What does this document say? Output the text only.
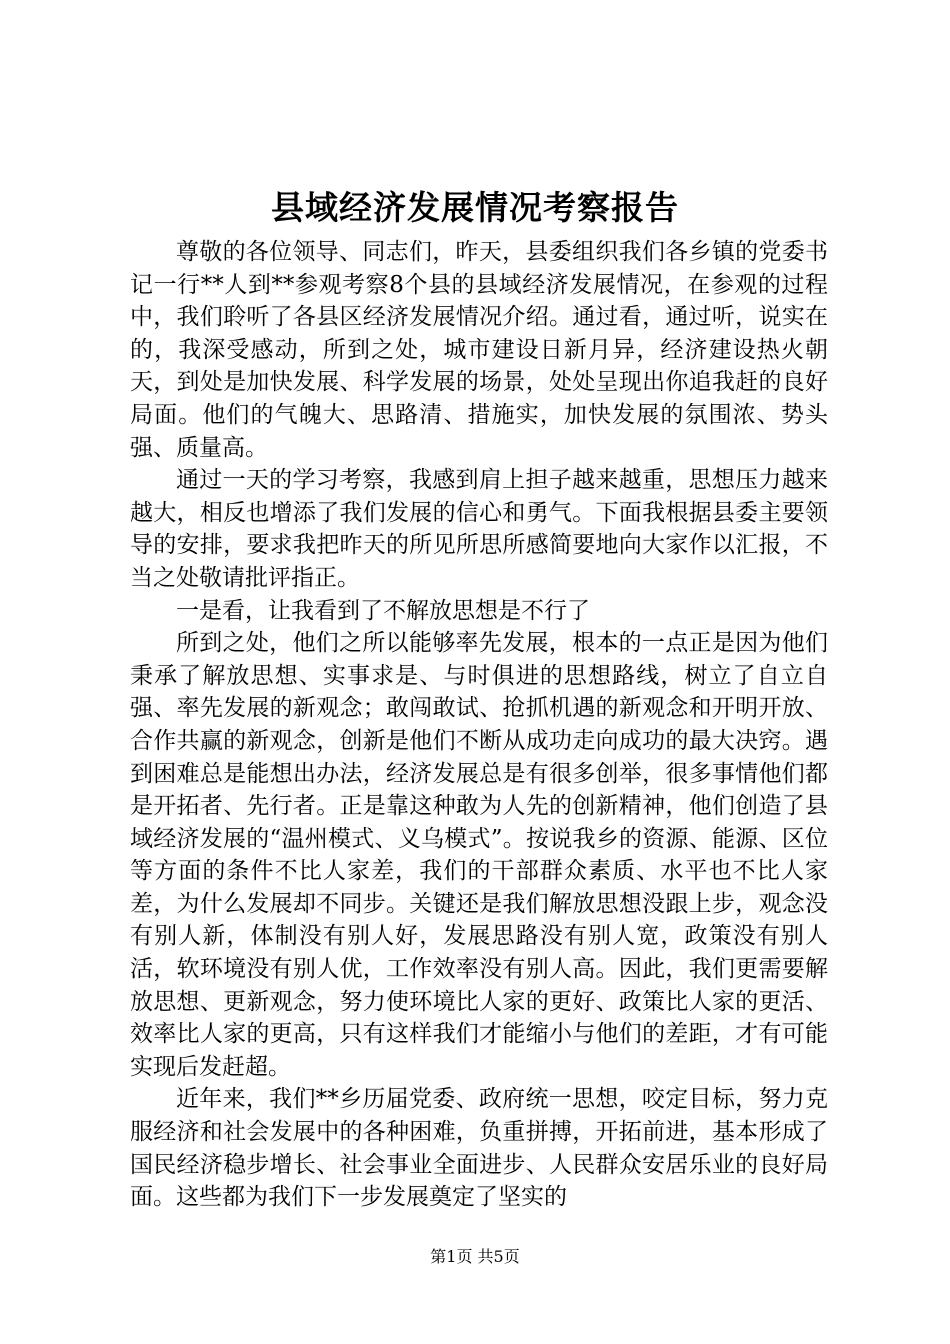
县域经济发展情况考察报告

尊敬的各位领导、同志们，昨天，县委组织我们各乡镇的党委书记一行**人到**参观考察8个县的县域经济发展情况，在参观的过程中，我们聆听了各县区经济发展情况介绍。通过看，通过听，说实在的，我深受感动，所到之处，城市建设日新月异，经济建设热火朝天，到处是加快发展、科学发展的场景，处处呈现出你追我赶的良好局面。他们的气魄大、思路清、措施实，加快发展的氛围浓、势头强、质量高。

通过一天的学习考察，我感到肩上担子越来越重，思想压力越来越大，相反也增添了我们发展的信心和勇气。下面我根据县委主要领导的安排，要求我把昨天的所见所思所感简要地向大家作以汇报，不当之处敬请批评指正。

一是看，让我看到了不解放思想是不行了

所到之处，他们之所以能够率先发展，根本的一点正是因为他们秉承了解放思想、实事求是、与时俱进的思想路线，树立了自立自强、率先发展的新观念；敢闯敢试、抢抓机遇的新观念和开明开放、合作共赢的新观念，创新是他们不断从成功走向成功的最大决窍。遇到困难总是能想出办法，经济发展总是有很多创举，很多事情他们都是开拓者、先行者。正是靠这种敢为人先的创新精神，他们创造了县域经济发展的“温州模式、义乌模式”。按说我乡的资源、能源、区位等方面的条件不比人家差，我们的干部群众素质、水平也不比人家差，为什么发展却不同步。关键还是我们解放思想没跟上步，观念没有别人新，体制没有别人好，发展思路没有别人宽，政策没有别人活，软环境没有别人优，工作效率没有别人高。因此，我们更需要解放思想、更新观念，努力使环境比人家的更好、政策比人家的更活、效率比人家的更高，只有这样我们才能缩小与他们的差距，才有可能实现后发赶超。

近年来，我们**乡历届党委、政府统一思想，咬定目标，努力克服经济和社会发展中的各种困难，负重拼搏，开拓前进，基本形成了国民经济稳步增长、社会事业全面进步、人民群众安居乐业的良好局面。这些都为我们下一步发展奠定了坚实的

第1页 共5页
